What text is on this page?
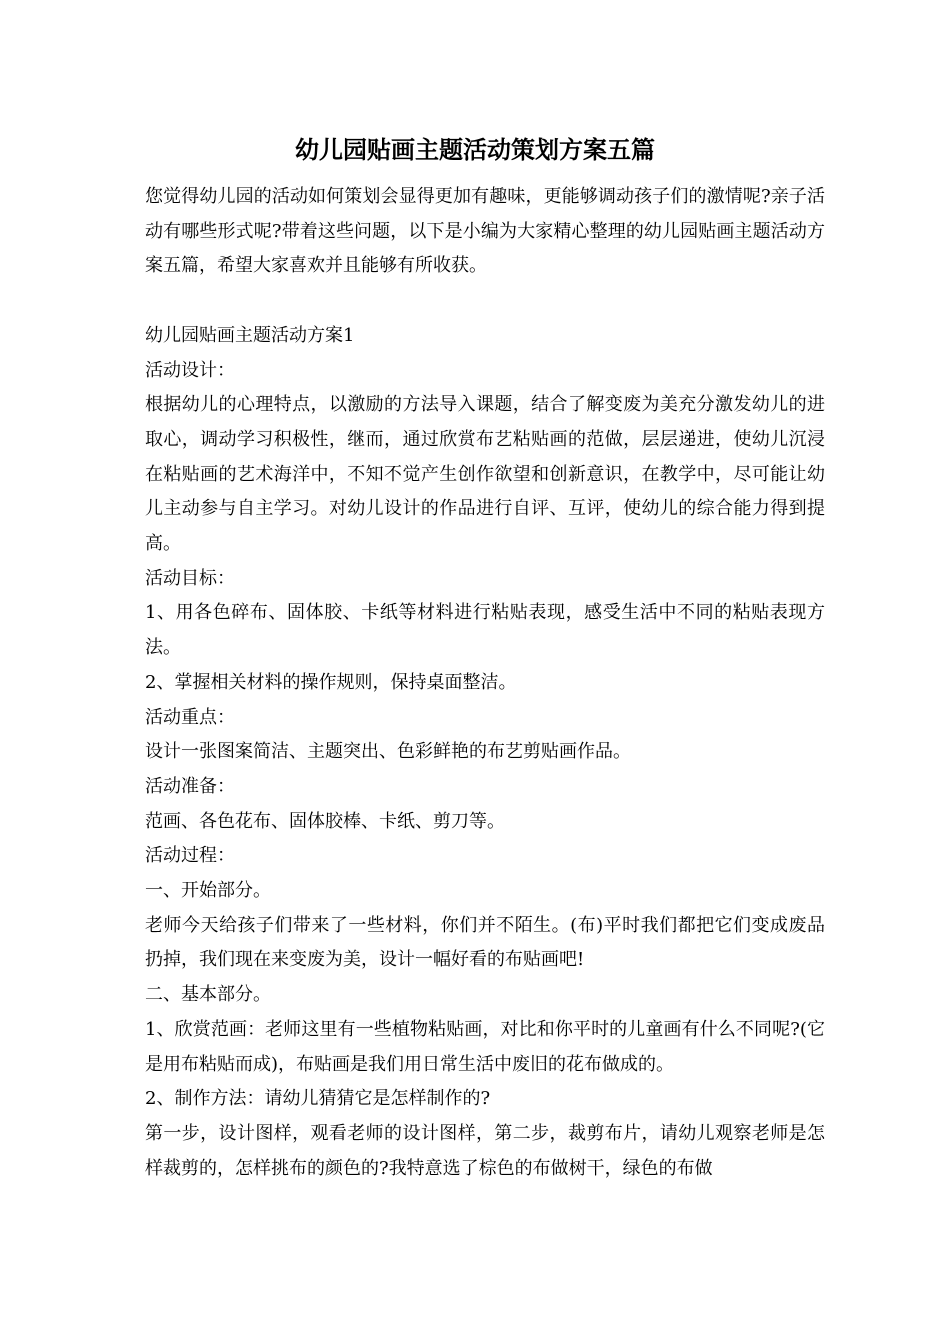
幼儿园贴画主题活动策划方案五篇

您觉得幼儿园的活动如何策划会显得更加有趣味，更能够调动孩子们的激情呢?亲子活动有哪些形式呢?带着这些问题，以下是小编为大家精心整理的幼儿园贴画主题活动方案五篇，希望大家喜欢并且能够有所收获。

幼儿园贴画主题活动方案1

活动设计：

根据幼儿的心理特点，以激励的方法导入课题，结合了解变废为美充分激发幼儿的进取心，调动学习积极性，继而，通过欣赏布艺粘贴画的范做，层层递进，使幼儿沉浸在粘贴画的艺术海洋中，不知不觉产生创作欲望和创新意识，在教学中，尽可能让幼儿主动参与自主学习。对幼儿设计的作品进行自评、互评，使幼儿的综合能力得到提高。

活动目标：

1、用各色碎布、固体胶、卡纸等材料进行粘贴表现，感受生活中不同的粘贴表现方法。

2、掌握相关材料的操作规则，保持桌面整洁。

活动重点：

设计一张图案简洁、主题突出、色彩鲜艳的布艺剪贴画作品。

活动准备：

范画、各色花布、固体胶棒、卡纸、剪刀等。

活动过程：

一、开始部分。

老师今天给孩子们带来了一些材料，你们并不陌生。(布)平时我们都把它们变成废品扔掉，我们现在来变废为美，设计一幅好看的布贴画吧!

二、基本部分。

1、欣赏范画：老师这里有一些植物粘贴画，对比和你平时的儿童画有什么不同呢?(它是用布粘贴而成)，布贴画是我们用日常生活中废旧的花布做成的。

2、制作方法：请幼儿猜猜它是怎样制作的?

第一步，设计图样，观看老师的设计图样，第二步，裁剪布片，请幼儿观察老师是怎样裁剪的，怎样挑布的颜色的?我特意选了棕色的布做树干，绿色的布做
